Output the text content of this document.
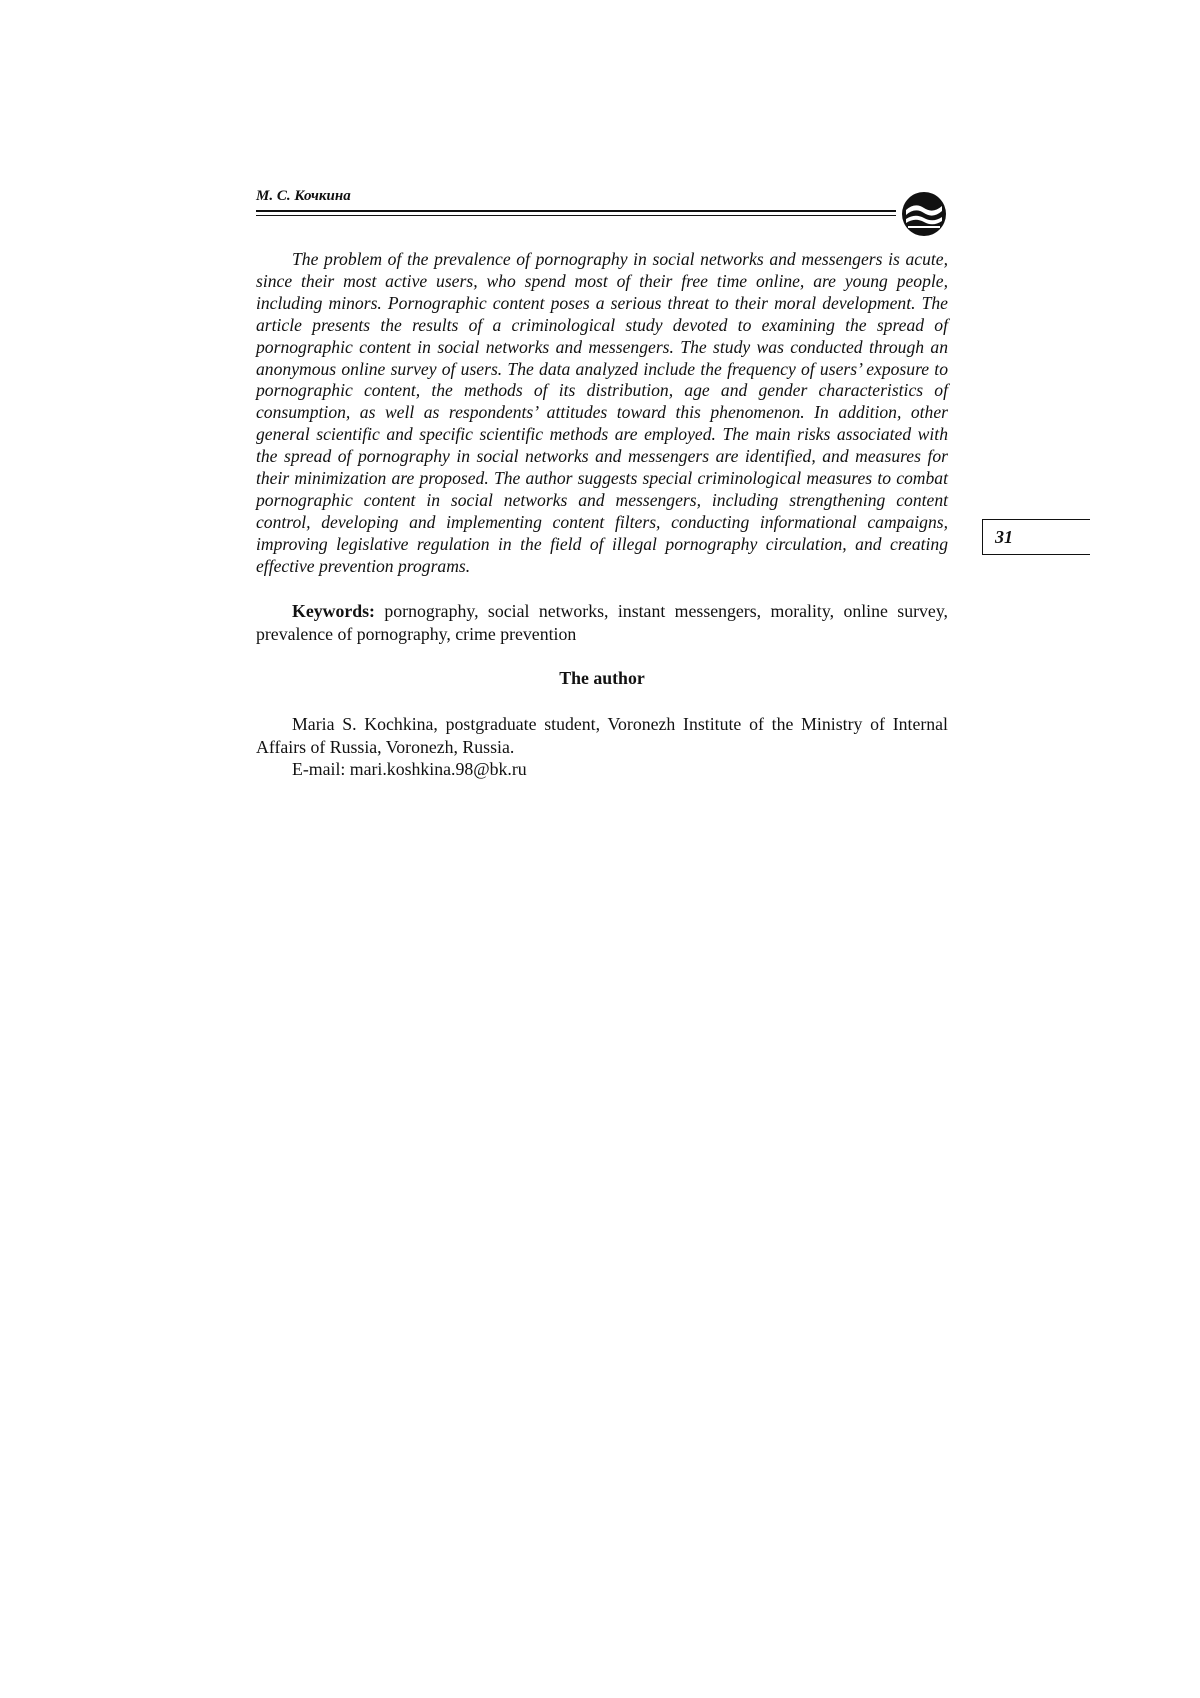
М. С. Кочкина

The problem of the prevalence of pornography in social networks and messengers is acute, since their most active users, who spend most of their free time online, are young people, including minors. Pornographic content poses a serious threat to their moral development. The article presents the results of a criminological study devoted to examining the spread of pornographic content in social networks and messengers. The study was conducted through an anonymous online survey of users. The data analyzed include the frequency of users’ exposure to pornographic content, the methods of its distribution, age and gender characteristics of consumption, as well as respondents’ attitudes toward this phenomenon. In addition, other general scientific and specific scientific methods are employed. The main risks associated with the spread of pornography in social networks and messengers are identified, and measures for their minimization are proposed. The author suggests special criminological measures to combat pornographic content in social networks and messengers, including strengthening content control, developing and implementing content filters, conducting informational campaigns, improving legislative regulation in the field of illegal pornography circulation, and creating effective prevention programs.

Keywords: pornography, social networks, instant messengers, morality, online survey, prevalence of pornography, crime prevention

The author

Maria S. Kochkina, postgraduate student, Voronezh Institute of the Ministry of Internal Affairs of Russia, Voronezh, Russia.

E-mail: mari.koshkina.98@bk.ru

31
